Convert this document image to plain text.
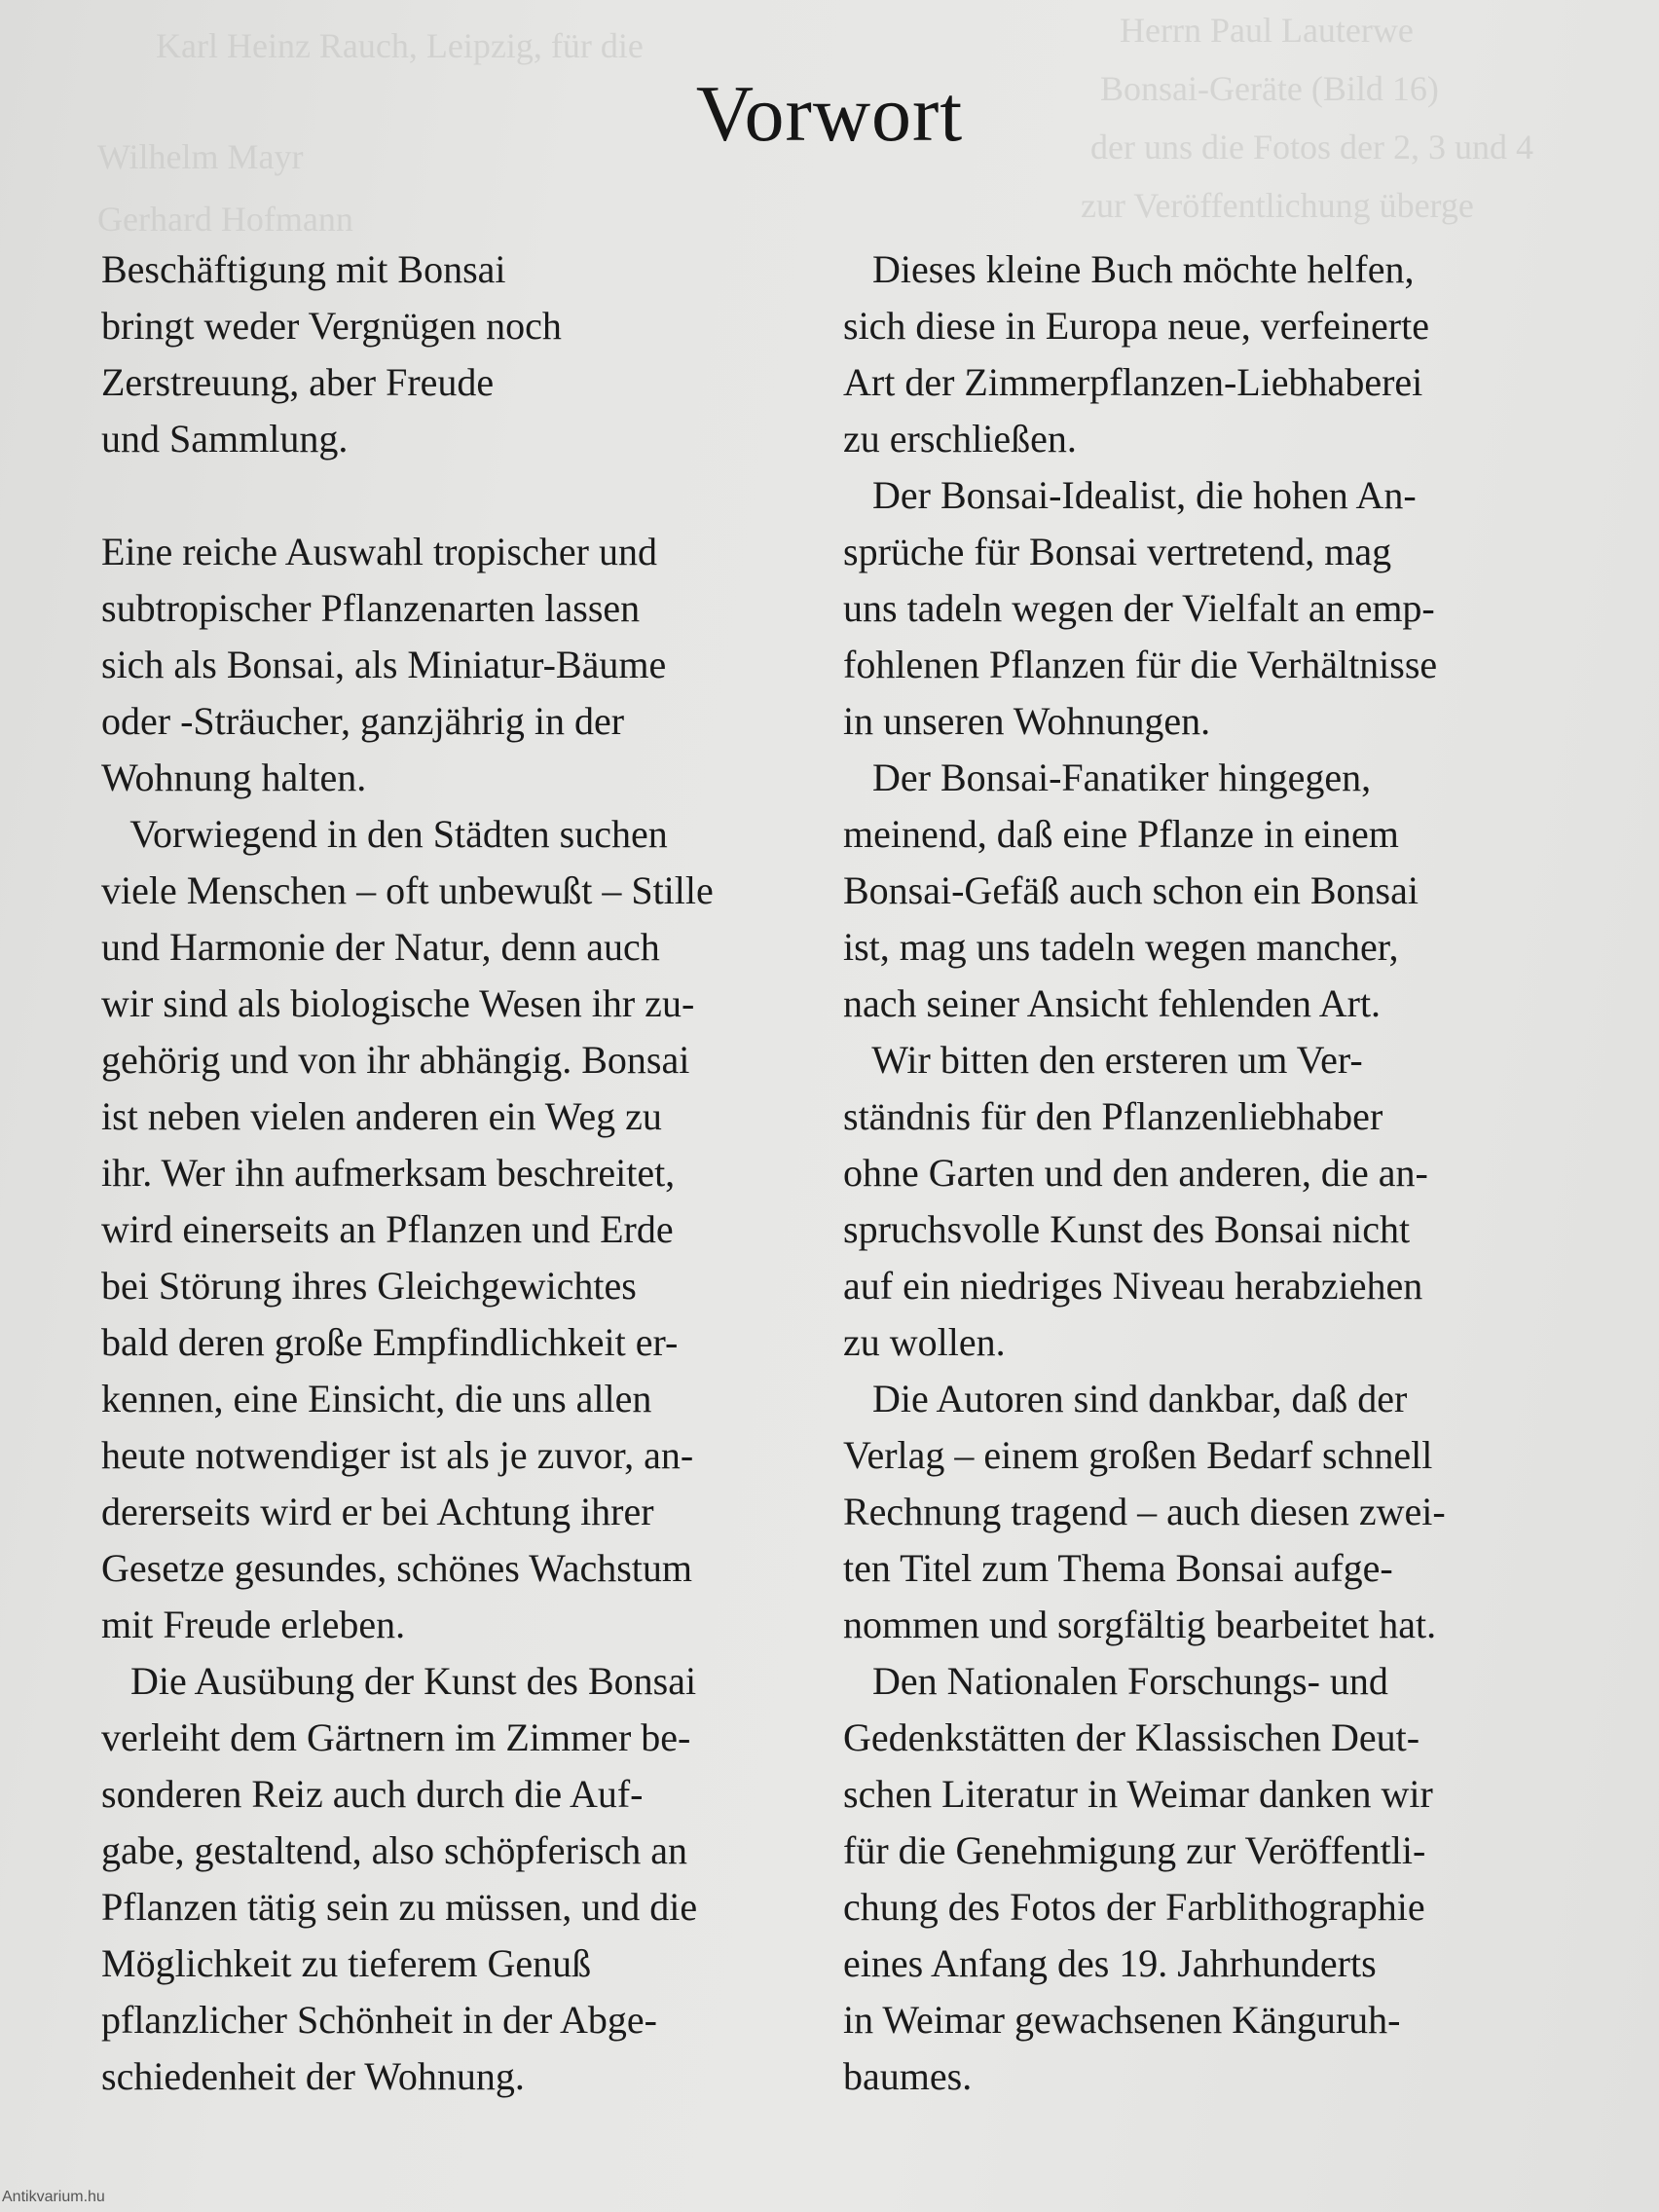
Herrn Paul Lauterwe
Karl Heinz Rauch, Leipzig, für die
Bonsai-Geräte (Bild 16)
der uns die Fotos der 2, 3 und 4
Wilhelm Mayr
zur Veröffentlichung überge
Gerhard Hofmann
Vorwort
Beschäftigung mit Bonsai
bringt weder Vergnügen noch
Zerstreuung, aber Freude
und Sammlung.
Eine reiche Auswahl tropischer und
subtropischer Pflanzenarten lassen
sich als Bonsai, als Miniatur-Bäume
oder -Sträucher, ganzjährig in der
Wohnung halten.
Vorwiegend in den Städten suchen
viele Menschen – oft unbewußt – Stille
und Harmonie der Natur, denn auch
wir sind als biologische Wesen ihr zu-
gehörig und von ihr abhängig. Bonsai
ist neben vielen anderen ein Weg zu
ihr. Wer ihn aufmerksam beschreitet,
wird einerseits an Pflanzen und Erde
bei Störung ihres Gleichgewichtes
bald deren große Empfindlichkeit er-
kennen, eine Einsicht, die uns allen
heute notwendiger ist als je zuvor, an-
dererseits wird er bei Achtung ihrer
Gesetze gesundes, schönes Wachstum
mit Freude erleben.
Die Ausübung der Kunst des Bonsai
verleiht dem Gärtnern im Zimmer be-
sonderen Reiz auch durch die Auf-
gabe, gestaltend, also schöpferisch an
Pflanzen tätig sein zu müssen, und die
Möglichkeit zu tieferem Genuß
pflanzlicher Schönheit in der Abge-
schiedenheit der Wohnung.
Dieses kleine Buch möchte helfen,
sich diese in Europa neue, verfeinerte
Art der Zimmerpflanzen-Liebhaberei
zu erschließen.
Der Bonsai-Idealist, die hohen An-
sprüche für Bonsai vertretend, mag
uns tadeln wegen der Vielfalt an emp-
fohlenen Pflanzen für die Verhältnisse
in unseren Wohnungen.
Der Bonsai-Fanatiker hingegen,
meinend, daß eine Pflanze in einem
Bonsai-Gefäß auch schon ein Bonsai
ist, mag uns tadeln wegen mancher,
nach seiner Ansicht fehlenden Art.
Wir bitten den ersteren um Ver-
ständnis für den Pflanzenliebhaber
ohne Garten und den anderen, die an-
spruchsvolle Kunst des Bonsai nicht
auf ein niedriges Niveau herabziehen
zu wollen.
Die Autoren sind dankbar, daß der
Verlag – einem großen Bedarf schnell
Rechnung tragend – auch diesen zwei-
ten Titel zum Thema Bonsai aufge-
nommen und sorgfältig bearbeitet hat.
Den Nationalen Forschungs- und
Gedenkstätten der Klassischen Deut-
schen Literatur in Weimar danken wir
für die Genehmigung zur Veröffentli-
chung des Fotos der Farblithographie
eines Anfang des 19. Jahrhunderts
in Weimar gewachsenen Känguruh-
baumes.
Antikvarium.hu
